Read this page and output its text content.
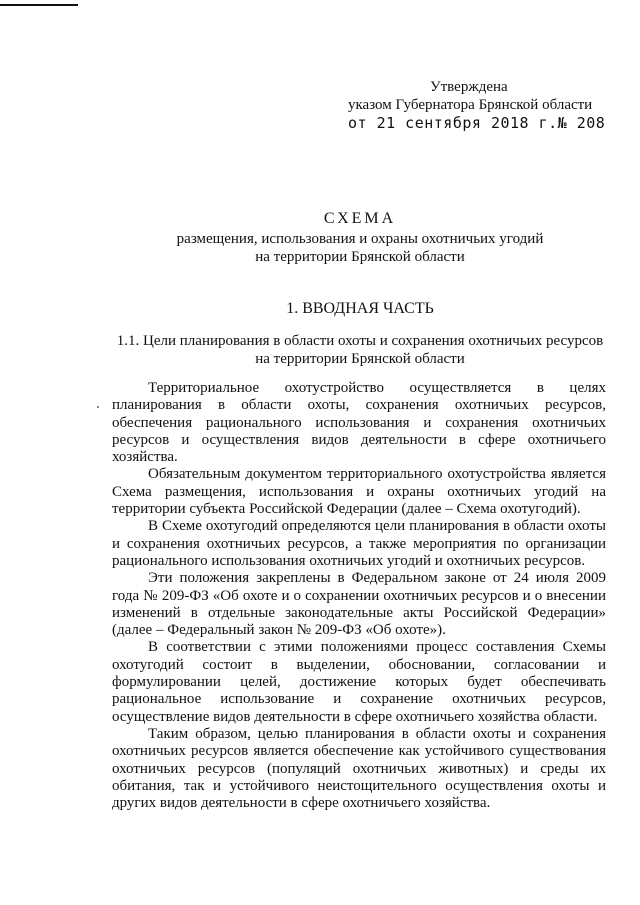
Утверждена
указом Губернатора Брянской области
от 21 сентября 2018 г.№ 208
СХЕМА
размещения, использования и охраны охотничьих угодий
на территории Брянской области
1. ВВОДНАЯ ЧАСТЬ
1.1. Цели планирования в области охоты и сохранения охотничьих ресурсов
на территории Брянской области

Территориальное охотустройство осуществляется в целях планирования в области охоты, сохранения охотничьих ресурсов, обеспечения рационального использования и сохранения охотничьих ресурсов и осуществления видов деятельности в сфере охотничьего хозяйства.

Обязательным документом территориального охотустройства является Схема размещения, использования и охраны охотничьих угодий на территории субъекта Российской Федерации (далее – Схема охотугодий).

В Схеме охотугодий определяются цели планирования в области охоты и сохранения охотничьих ресурсов, а также мероприятия по организации рационального использования охотничьих угодий и охотничьих ресурсов.

Эти положения закреплены в Федеральном законе от 24 июля 2009 года № 209-ФЗ «Об охоте и о сохранении охотничьих ресурсов и о внесении изменений в отдельные законодательные акты Российской Федерации» (далее – Федеральный закон № 209-ФЗ «Об охоте»).

В соответствии с этими положениями процесс составления Схемы охотугодий состоит в выделении, обосновании, согласовании и формулировании целей, достижение которых будет обеспечивать рациональное использование и сохранение охотничьих ресурсов, осуществление видов деятельности в сфере охотничьего хозяйства области.

Таким образом, целью планирования в области охоты и сохранения охотничьих ресурсов является обеспечение как устойчивого существования охотничьих ресурсов (популяций охотничьих животных) и среды их обитания, так и устойчивого неистощительного осуществления охоты и других видов деятельности в сфере охотничьего хозяйства.
